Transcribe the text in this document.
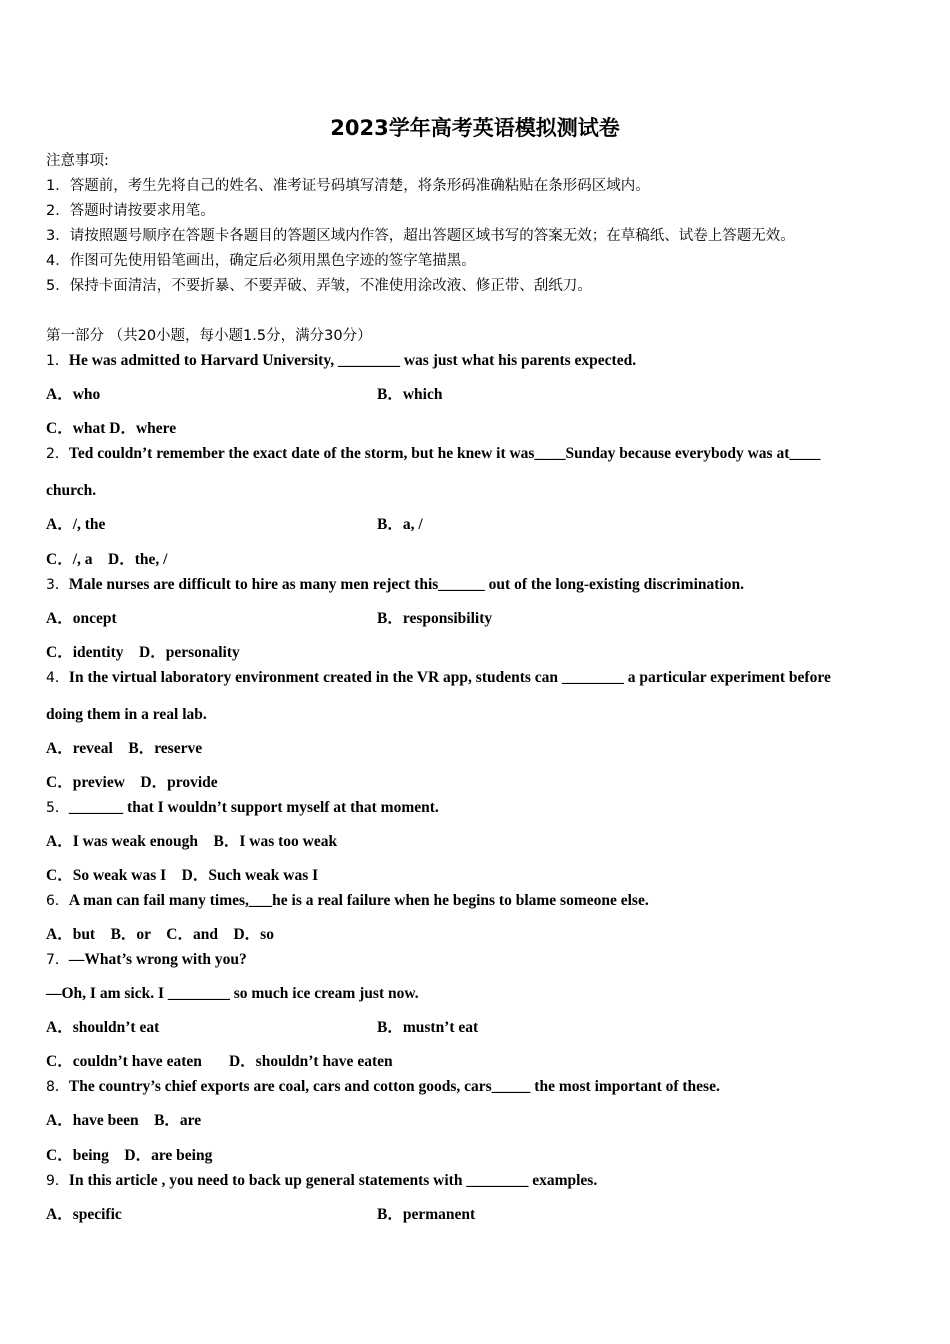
2023学年高考英语模拟测试卷
注意事项:
1．答题前，考生先将自己的姓名、准考证号码填写清楚，将条形码准确粘贴在条形码区域内。
2．答题时请按要求用笔。
3．请按照题号顺序在答题卡各题目的答题区域内作答，超出答题区域书写的答案无效；在草稿纸、试卷上答题无效。
4．作图可先使用铅笔画出，确定后必须用黑色字迹的签字笔描黑。
5．保持卡面清洁，不要折暴、不要弄破、弄皱，不准使用涂改液、修正带、刮纸刀。
第一部分 （共20小题，每小题1.5分，满分30分）
1．He was admitted to Harvard University, ________ was just what his parents expected.
A．who	B．which
C．what D．where
2．Ted couldn’t remember the exact date of the storm, but he knew it was____Sunday because everybody was at____
church.
A．/, the	B．a, /
C．/, a    D．the, /
3．Male nurses are difficult to hire as many men reject this______ out of the long-existing discrimination.
A．oncept	B．responsibility
C．identity    D．personality
4．In the virtual laboratory environment created in the VR app, students can ________ a particular experiment before
doing them in a real lab.
A．reveal    B．reserve
C．preview    D．provide
5．_______ that I wouldn’t support myself at that moment.
A．I was weak enough    B．I was too weak
C．So weak was I    D．Such weak was I
6．A man can fail many times,___he is a real failure when he begins to blame someone else.
A．but    B．or    C．and    D．so
7．—What’s wrong with you?
—Oh, I am sick. I ________ so much ice cream just now.
A．shouldn’t eat	B．mustn’t eat
C．couldn’t have eaten       D．shouldn’t have eaten
8．The country’s chief exports are coal, cars and cotton goods, cars_____ the most important of these.
A．have been    B．are
C．being    D．are being
9．In this article , you need to back up general statements with ________ examples.
A．specific	B．permanent
